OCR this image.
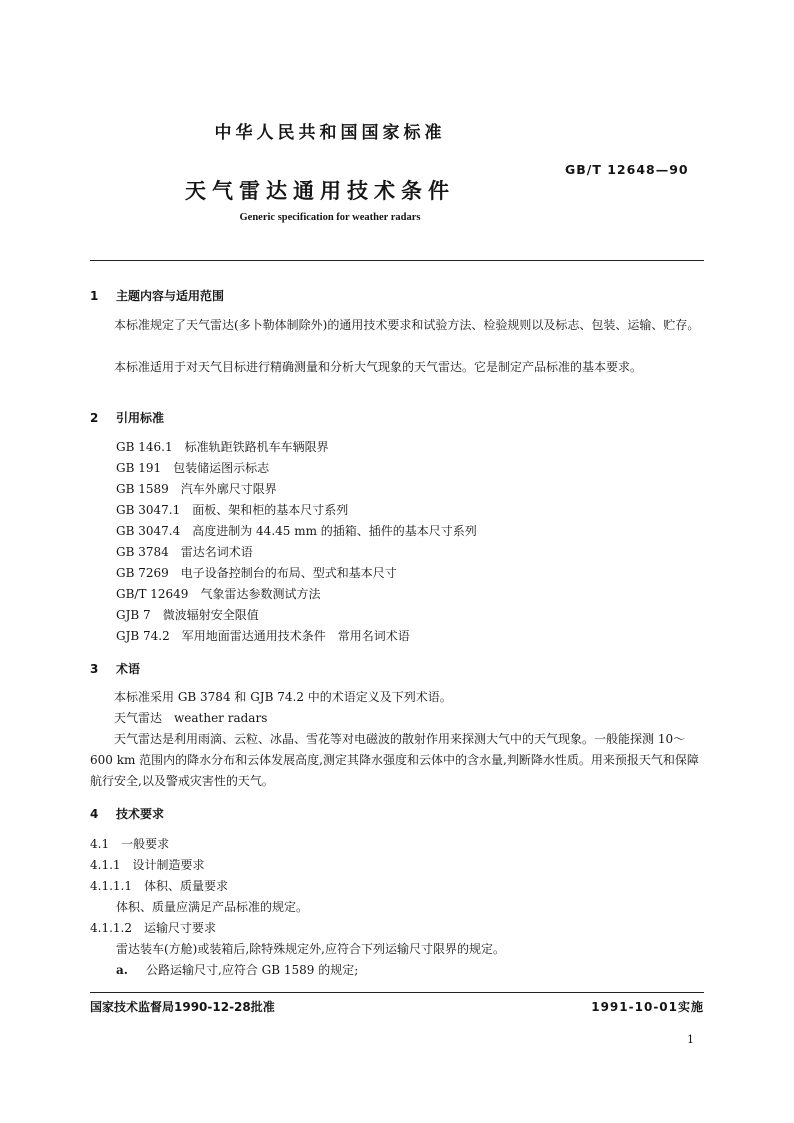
中华人民共和国国家标准
GB/T 12648—90
天气雷达通用技术条件
Generic specification for weather radars
1 主题内容与适用范围
本标准规定了天气雷达(多卜勒体制除外)的通用技术要求和试验方法、检验规则以及标志、包装、运输、贮存。
本标准适用于对天气目标进行精确测量和分析大气现象的天气雷达。它是制定产品标准的基本要求。
2 引用标准
GB 146.1　 标准轨距铁路机车车辆限界
GB 191　 包装储运图示标志
GB 1589　 汽车外廓尺寸限界
GB 3047.1　 面板、架和柜的基本尺寸系列
GB 3047.4　 高度进制为 44.45 mm 的插箱、插件的基本尺寸系列
GB 3784　 雷达名词术语
GB 7269　 电子设备控制台的布局、型式和基本尺寸
GB/T 12649　 气象雷达参数测试方法
GJB 7　 微波辐射安全限值
GJB 74.2　 军用地面雷达通用技术条件　常用名词术语
3 术语
本标准采用 GB 3784 和 GJB 74.2 中的术语定义及下列术语。
天气雷达　weather radars
天气雷达是利用雨滴、云粒、冰晶、雪花等对电磁波的散射作用来探测大气中的天气现象。一般能探测 10～600 km 范围内的降水分布和云体发展高度,测定其降水强度和云体中的含水量,判断降水性质。用来预报天气和保障航行安全,以及警戒灾害性的天气。
4 技术要求
4.1 一般要求
4.1.1 设计制造要求
4.1.1.1 体积、质量要求
体积、质量应满足产品标准的规定。
4.1.1.2 运输尺寸要求
雷达装车(方舱)或装箱后,除特殊规定外,应符合下列运输尺寸限界的规定。
a. 公路运输尺寸,应符合 GB 1589 的规定;
国家技术监督局1990-12-28批准	1991-10-01实施
1
